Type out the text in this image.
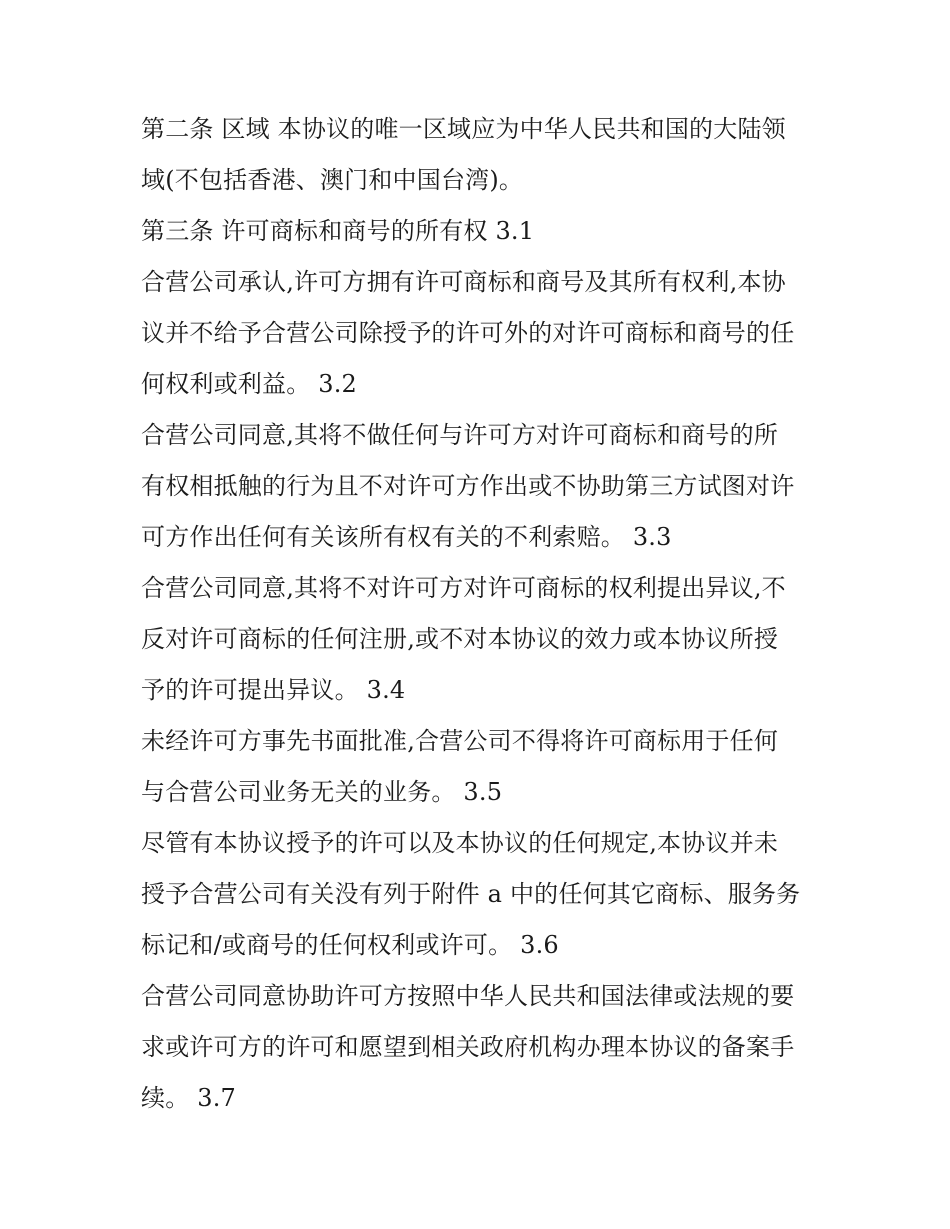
第二条 区域 本协议的唯一区域应为中华人民共和国的大陆领
域(不包括香港、澳门和中国台湾)。
第三条 许可商标和商号的所有权 3.1
合营公司承认,许可方拥有许可商标和商号及其所有权利,本协
议并不给予合营公司除授予的许可外的对许可商标和商号的任
何权利或利益。 3.2
合营公司同意,其将不做任何与许可方对许可商标和商号的所
有权相抵触的行为且不对许可方作出或不协助第三方试图对许
可方作出任何有关该所有权有关的不利索赔。 3.3
合营公司同意,其将不对许可方对许可商标的权利提出异议,不
反对许可商标的任何注册,或不对本协议的效力或本协议所授
予的许可提出异议。 3.4
未经许可方事先书面批准,合营公司不得将许可商标用于任何
与合营公司业务无关的业务。 3.5
尽管有本协议授予的许可以及本协议的任何规定,本协议并未
授予合营公司有关没有列于附件 a 中的任何其它商标、服务务
标记和/或商号的任何权利或许可。 3.6
合营公司同意协助许可方按照中华人民共和国法律或法规的要
求或许可方的许可和愿望到相关政府机构办理本协议的备案手
续。 3.7
